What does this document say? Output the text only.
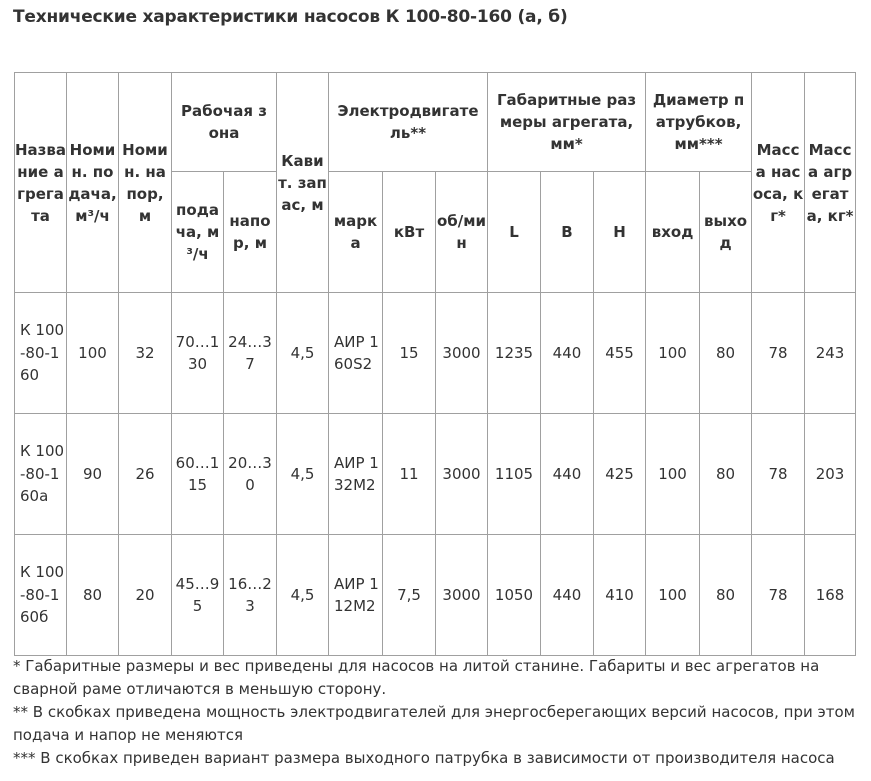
Технические характеристики насосов К 100-80-160 (а, б)
Название агрегата	Номин. подача, м³/ч	Номин. напор, м	Рабочая зона		Кавит. запас, м	Электродвигатель**			Габаритные размеры агрегата, мм*			Диаметр патрубков, мм***		Масса насоса, кг*	Масса агрегата, кг*
			подача, м³/ч	напор, м		марка	кВт	об/мин	L	B	H	вход	выход		
К 100-80-160	100	32	70…130	24…37	4,5	АИР 160S2	15	3000	1235	440	455	100	80	78	243
К 100-80-160а	90	26	60…115	20…30	4,5	АИР 132М2	11	3000	1105	440	425	100	80	78	203
К 100-80-160б	80	20	45…95	16…23	4,5	АИР 112М2	7,5	3000	1050	440	410	100	80	78	168

* Габаритные размеры и вес приведены для насосов на литой станине. Габариты и вес агрегатов на сварной раме отличаются в меньшую сторону.

** В скобках приведена мощность электродвигателей для энергосберегающих версий насосов, при этом подача и напор не меняются

*** В скобках приведен вариант размера выходного патрубка в зависимости от производителя насоса
